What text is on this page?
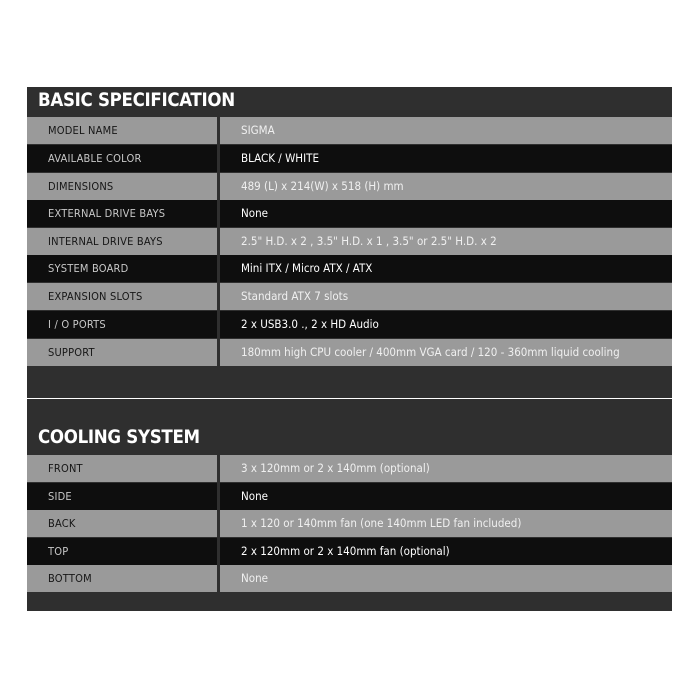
BASIC SPECIFICATION
MODEL NAME	SIGMA
AVAILABLE COLOR	BLACK / WHITE
DIMENSIONS	489 (L) x 214(W) x 518 (H) mm
EXTERNAL DRIVE BAYS	None
INTERNAL DRIVE BAYS	2.5" H.D. x 2 , 3.5" H.D. x 1 , 3.5" or 2.5" H.D. x 2
SYSTEM BOARD	Mini ITX / Micro ATX / ATX
EXPANSION SLOTS	Standard ATX 7 slots
I / O PORTS	2 x USB3.0 ., 2 x HD Audio
SUPPORT	180mm high CPU cooler / 400mm VGA card / 120 - 360mm liquid cooling
COOLING SYSTEM
FRONT	3 x 120mm or 2 x 140mm (optional)
SIDE	None
BACK	1 x 120 or 140mm fan (one 140mm LED fan included)
TOP	2 x 120mm or 2 x 140mm fan (optional)
BOTTOM	None
